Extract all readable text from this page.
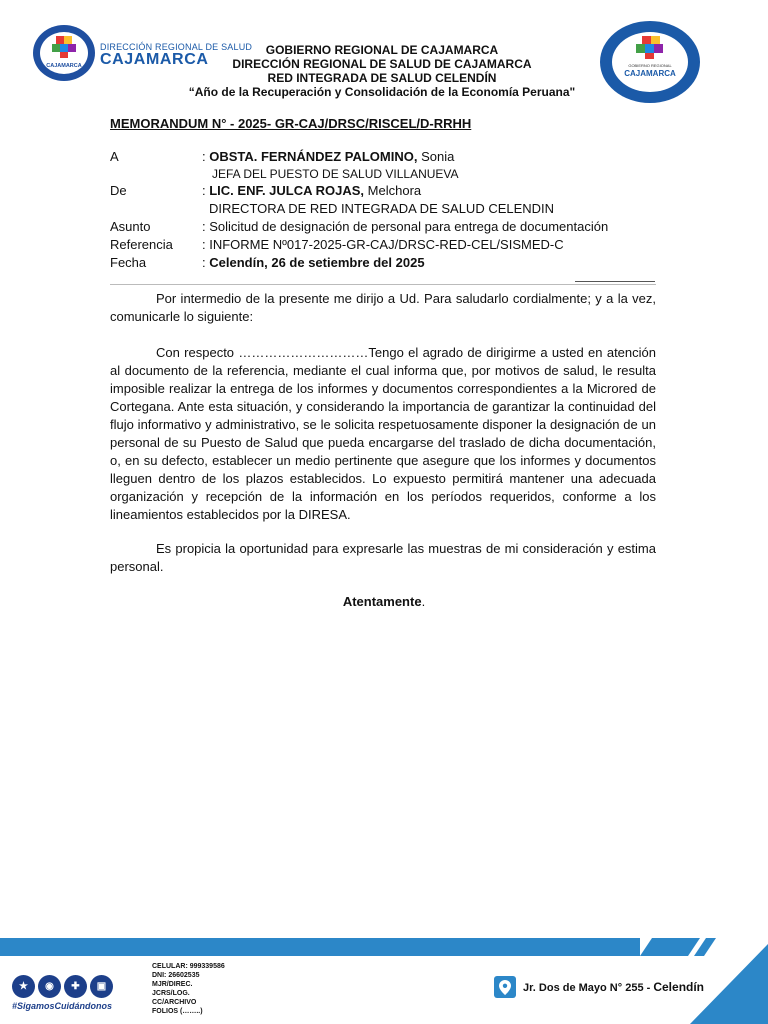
CAJAMARCA
DIRECCIÓN REGIONAL DE SALUD
CAJAMARCA	GOBIERNO REGIONAL
CAJAMARCA
GOBIERNO REGIONAL DE CAJAMARCA
DIRECCIÓN REGIONAL DE SALUD DE CAJAMARCA
RED INTEGRADA DE SALUD CELENDÍN
“Año de la Recuperación y Consolidación de la Economía Peruana"
MEMORANDUM N° - 2025- GR-CAJ/DRSC/RISCEL/D-RRHH
A	: OBSTA. FERNÁNDEZ PALOMINO, Sonia
JEFA DEL PUESTO DE SALUD VILLANUEVA
De	: LIC. ENF. JULCA ROJAS, Melchora
DIRECTORA DE RED INTEGRADA DE SALUD CELENDIN
Asunto	: Solicitud de designación de personal para entrega de documentación
Referencia	: INFORME Nº017-2025-GR-CAJ/DRSC-RED-CEL/SISMED-C
Fecha	: Celendín, 26 de setiembre del 2025
Por intermedio de la presente me dirijo a Ud. Para saludarlo cordialmente; y a la vez, comunicarle lo siguiente:
Con respecto …………………………Tengo el agrado de dirigirme a usted en atención al documento de la referencia, mediante el cual informa que, por motivos de salud, le resulta imposible realizar la entrega de los informes y documentos correspondientes a la Microred de Cortegana. Ante esta situación, y considerando la importancia de garantizar la continuidad del flujo informativo y administrativo, se le solicita respetuosamente disponer la designación de un personal de su Puesto de Salud que pueda encargarse del traslado de dicha documentación, o, en su defecto, establecer un medio pertinente que asegure que los informes y documentos lleguen dentro de los plazos establecidos. Lo expuesto permitirá mantener una adecuada organización y recepción de la información en los períodos requeridos, conforme a los lineamientos establecidos por la DIRESA.
Es propicia la oportunidad para expresarle las muestras de mi consideración y estima personal.
Atentamente.
★	◉	✚	▣
#SigamosCuidándonos
CELULAR: 999339586
DNI: 26602535
MJR/DIREC.
JCRS/LOG.
CC/ARCHIVO
FOLIOS (……..)
Jr. Dos de Mayo N° 255 - Celendín
